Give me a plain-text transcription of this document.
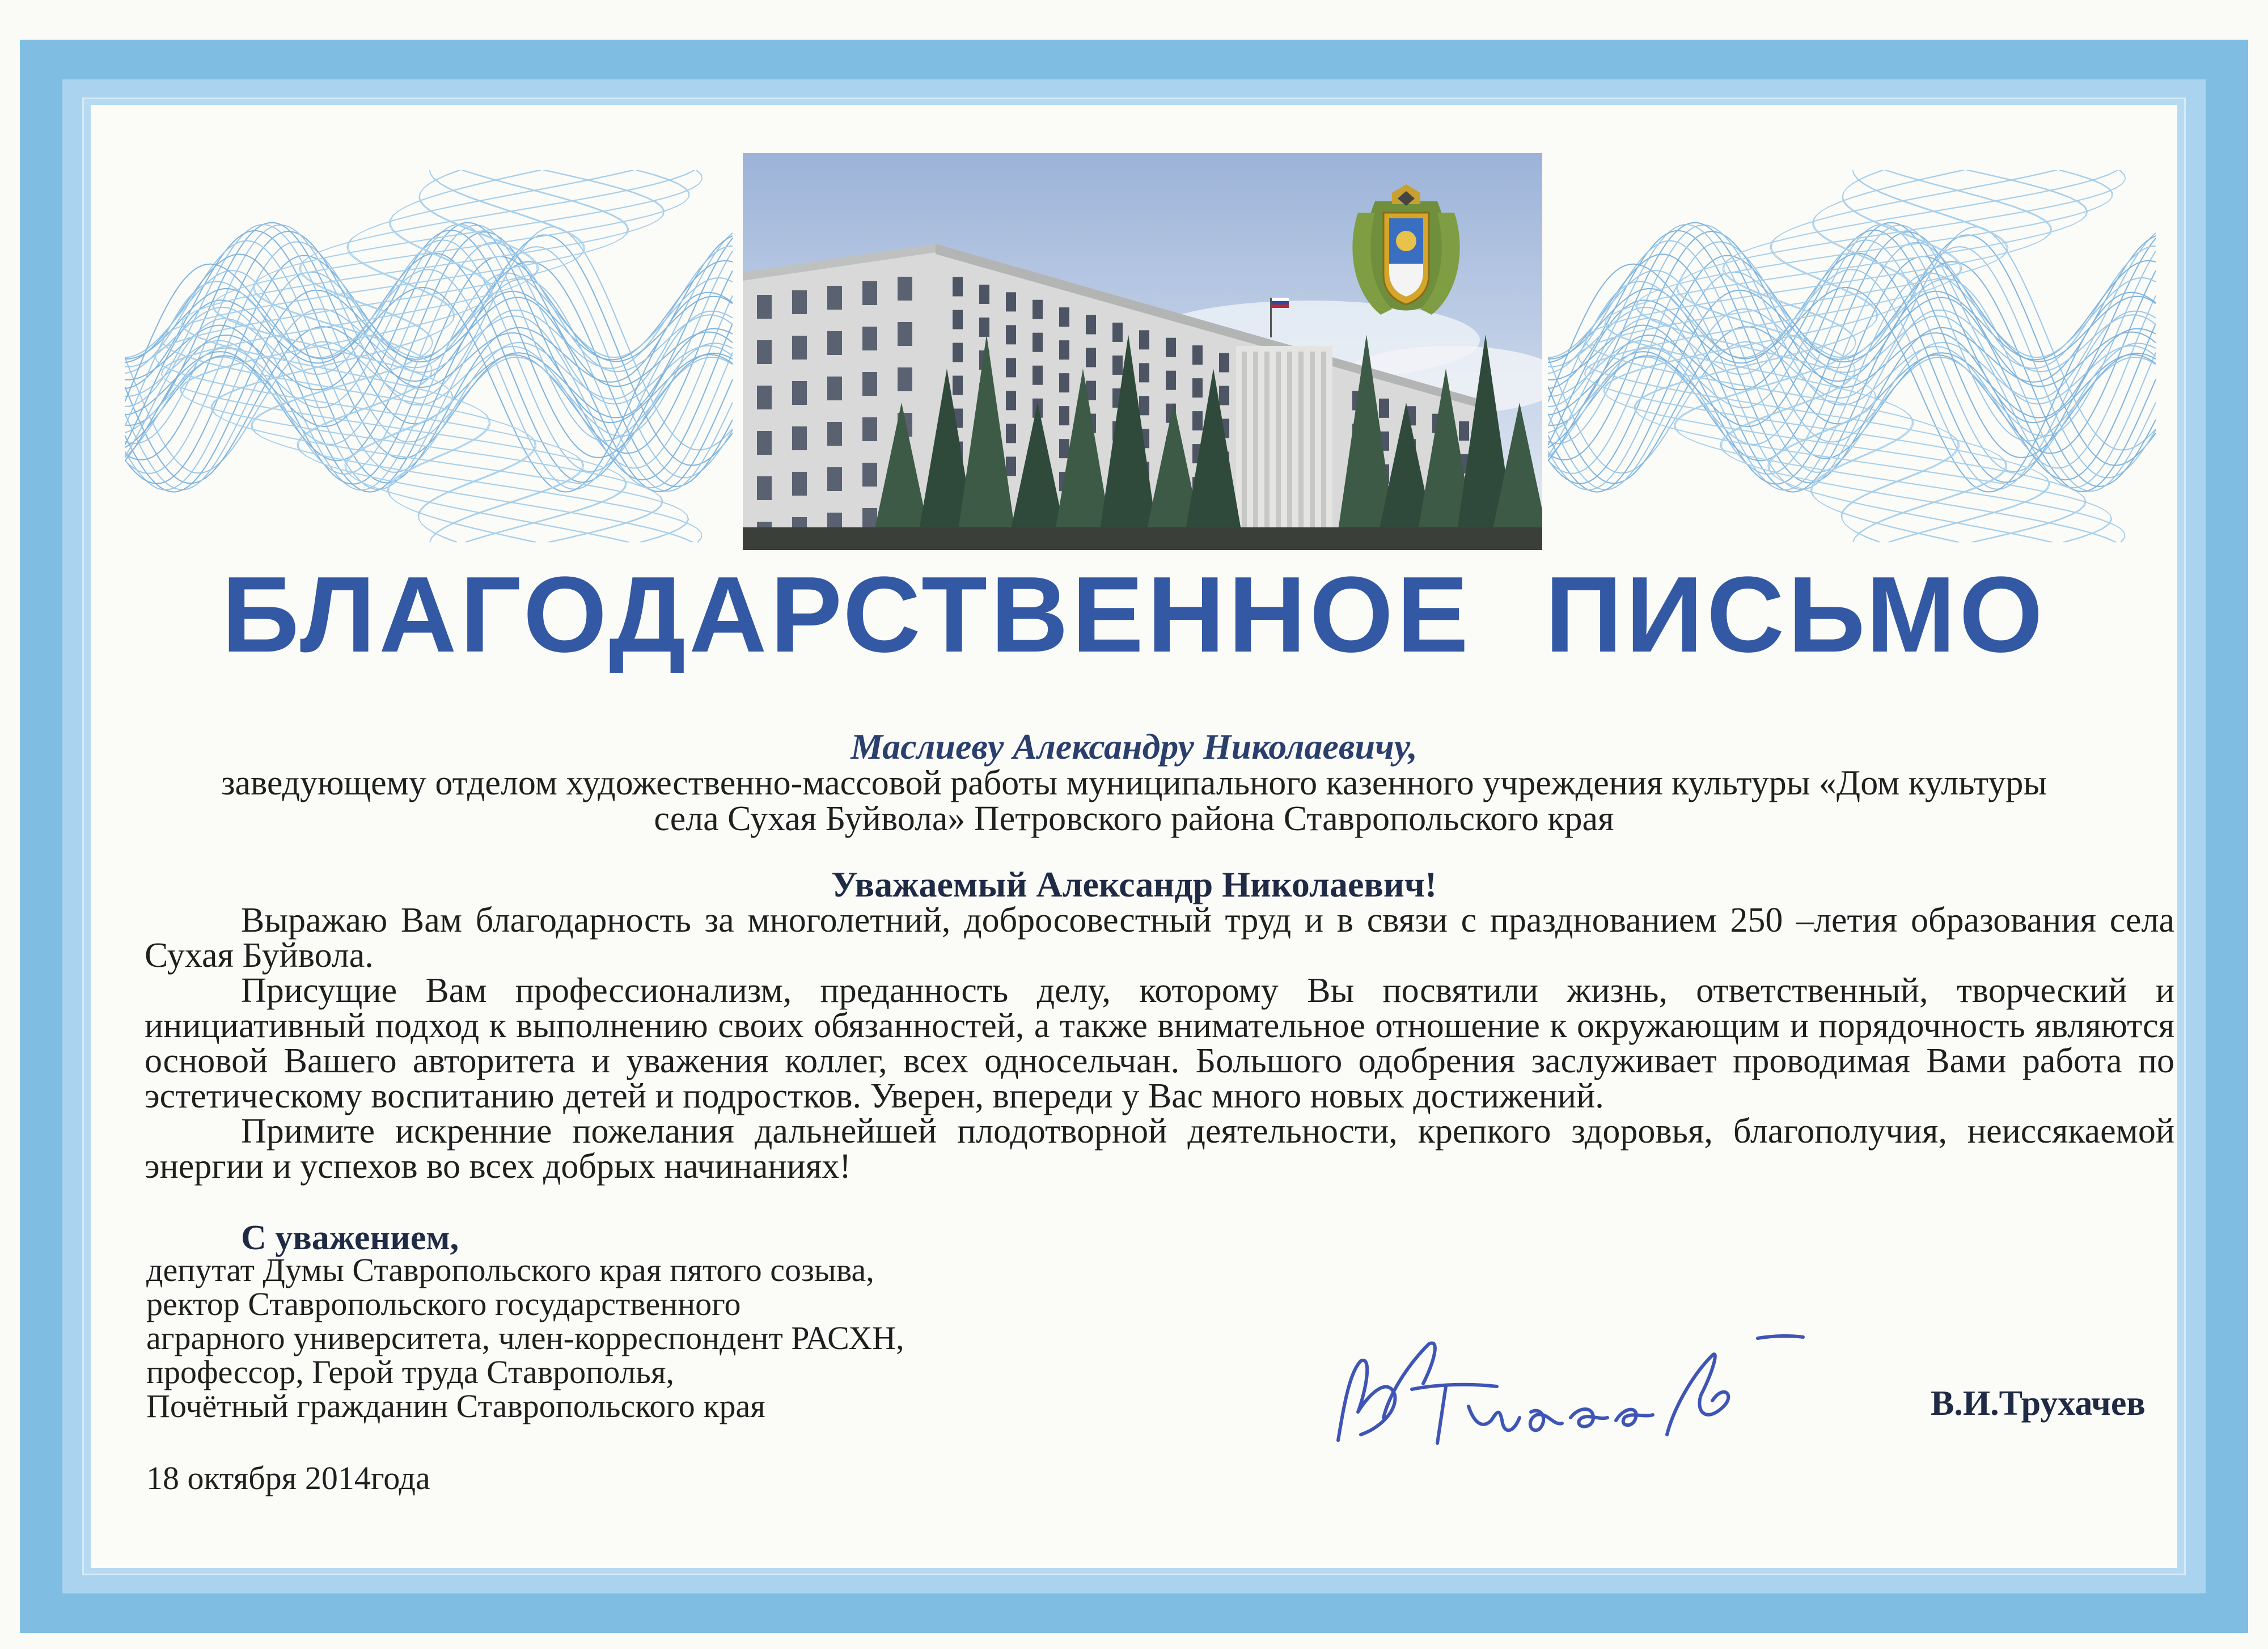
БЛАГОДАРСТВЕННОЕ ПИСЬМО
Маслиеву Александру Николаевичу,
заведующему отделом художественно-массовой работы муниципального казенного учреждения культуры «Дом культуры
села Сухая Буйвола» Петровского района Ставропольского края
Уважаемый Александр Николаевич!

Выражаю Вам благодарность за многолетний, добросовестный труд и в связи с празднованием 250 –летия образования села Сухая Буйвола.

Присущие Вам профессионализм, преданность делу, которому Вы посвятили жизнь, ответственный, творческий и инициативный подход к выполнению своих обязанностей, а также внимательное отношение к окружающим и порядочность являются основой Вашего авторитета и уважения коллег, всех односельчан. Большого одобрения заслуживает проводимая Вами работа по эстетическому воспитанию детей и подростков. Уверен, впереди у Вас много новых достижений.

Примите искренние пожелания дальнейшей плодотворной деятельности, крепкого здоровья, благополучия, неиссякаемой энергии и успехов во всех добрых начинаниях!

С уважением,
депутат Думы Ставропольского края пятого созыва,
ректор Ставропольского государственного
аграрного университета, член-корреспондент РАСХН,
профессор, Герой труда Ставрополья,
Почётный гражданин Ставропольского края
18 октября 2014года
В.И.Трухачев
